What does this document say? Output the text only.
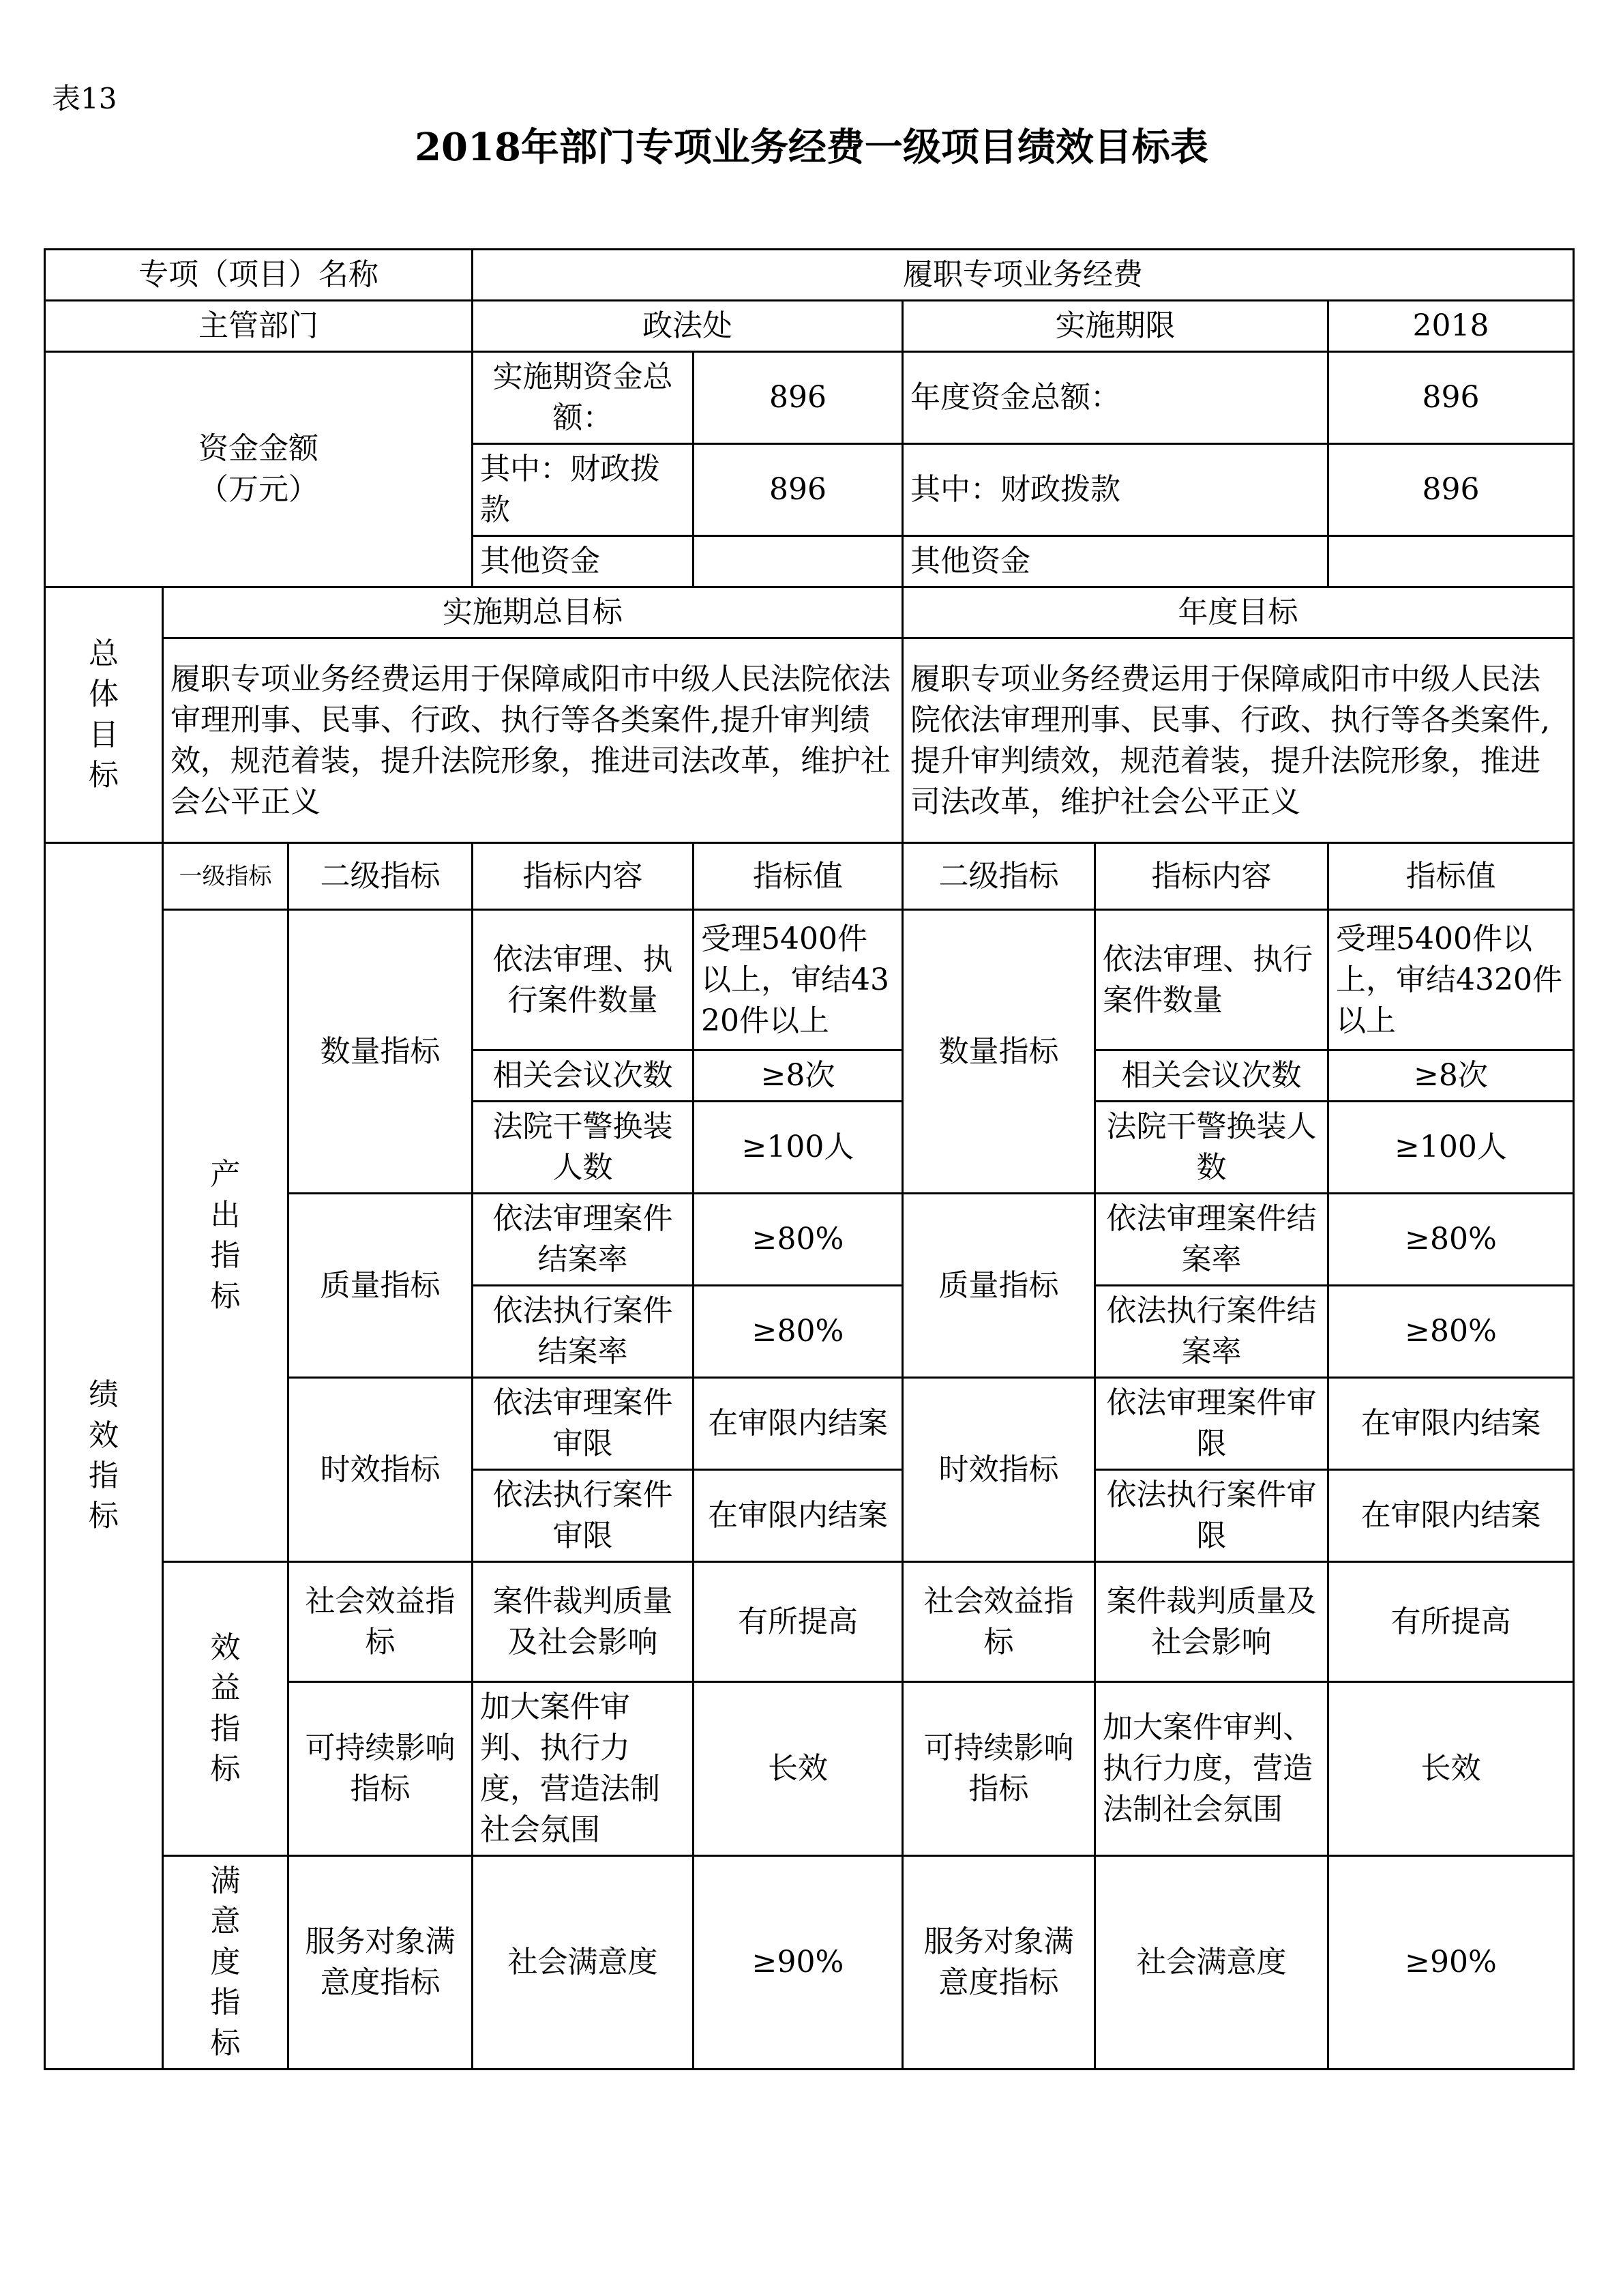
表13
2018年部门专项业务经费一级项目绩效目标表
专项（项目）名称			履职专项业务经费				
主管部门			政法处		实施期限		2018
资金金额
（万元）			实施期资金总额：	896	年度资金总额：		896
			其中：财政拨款	896	其中：财政拨款		896
			其他资金		其他资金		
总体目标	实施期总目标				年度目标		
	履职专项业务经费运用于保障咸阳市中级人民法院依法审理刑事、民事、行政、执行等各类案件,提升审判绩效，规范着装，提升法院形象，推进司法改革，维护社会公平正义				履职专项业务经费运用于保障咸阳市中级人民法院依法审理刑事、民事、行政、执行等各类案件,提升审判绩效，规范着装，提升法院形象，推进司法改革，维护社会公平正义		
绩效指标	一级指标	二级指标	指标内容	指标值	二级指标	指标内容	指标值
	产出指标	数量指标	依法审理、执行案件数量	受理5400件以上，审结4320件以上	数量指标	依法审理、执行案件数量	受理5400件以上，审结4320件以上
			相关会议次数	≥8次		相关会议次数	≥8次
			法院干警换装人数	≥100人		法院干警换装人数	≥100人
		质量指标	依法审理案件结案率	≥80%	质量指标	依法审理案件结案率	≥80%
			依法执行案件结案率	≥80%		依法执行案件结案率	≥80%
		时效指标	依法审理案件审限	在审限内结案	时效指标	依法审理案件审限	在审限内结案
			依法执行案件审限	在审限内结案		依法执行案件审限	在审限内结案
	效益指标	社会效益指标	案件裁判质量及社会影响	有所提高	社会效益指标	案件裁判质量及社会影响	有所提高
		可持续影响指标	加大案件审判、执行力度，营造法制社会氛围	长效	可持续影响指标	加大案件审判、执行力度，营造法制社会氛围	长效
	满意度指标	服务对象满意度指标	社会满意度	≥90%	服务对象满意度指标	社会满意度	≥90%
